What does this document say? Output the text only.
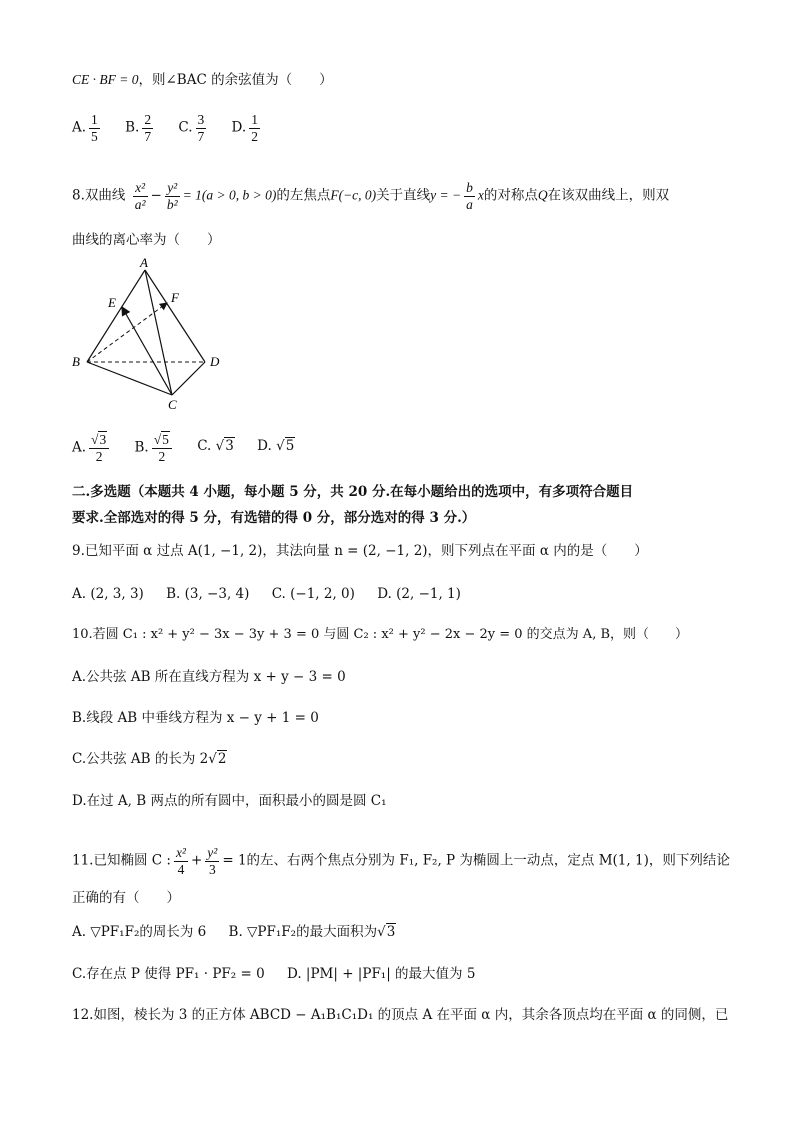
CE · BF = 0，则∠BAC 的余弦值为（　　）
A. $\frac{1}{5} B$. $\frac{2}{7} C$. $\frac{3}{7} D$. $\frac{1}{2}$
8.双曲线 $\frac{\text{x²}}{\text{a²}} - \frac{\text{y²}}{\text{b²}} = 1(a > 0$, b > 0)的左焦点F(−c, 0)关于直线y = − $\frac{b}{a}$ x的对称点Q在该双曲线上，则双
曲线的离心率为（　　）
A
B
C
D
E	F
A. $\frac{√3}{2} B$. $\frac{√5}{2} C$. √3 D. √5
二.多选题（本题共 4 小题，每小题 5 分，共 20 分.在每小题给出的选项中，有多项符合题目
要求.全部选对的得 5 分，有选错的得 0 分，部分选对的得 3 分.）
9.已知平面 α 过点 A(1, −1, 2)，其法向量 n = (2, −1, 2)，则下列点在平面 α 内的是（　　）
A. (2, 3, 3) B. (3, −3, 4) C. (−1, 2, 0) D. (2, −1, 1)
10.若圆 C₁ : x² + y² − 3x − 3y + 3 = 0 与圆 C₂ : x² + y² − 2x − 2y = 0 的交点为 A, B，则（　　）
A.公共弦 AB 所在直线方程为 x + y − 3 = 0
B.线段 AB 中垂线方程为 x − y + 1 = 0
C.公共弦 AB 的长为 2√2
D.在过 A, B 两点的所有圆中，面积最小的圆是圆 C₁
11.已知椭圆 C : $\frac{\text{x²}}{4} + \frac{\text{y²}}{3} = 1$的左、右两个焦点分别为 F₁, F₂, P 为椭圆上一动点，定点 M(1, 1)，则下列结论
正确的有（　　）
A. ▽PF₁F₂的周长为 6 B. ▽PF₁F₂的最大面积为√3
C.存在点 P 使得 PF₁ · PF₂ = 0 D. |PM| + |PF₁| 的最大值为 5
12.如图，棱长为 3 的正方体 ABCD − A₁B₁C₁D₁ 的顶点 A 在平面 α 内，其余各顶点均在平面 α 的同侧，已
